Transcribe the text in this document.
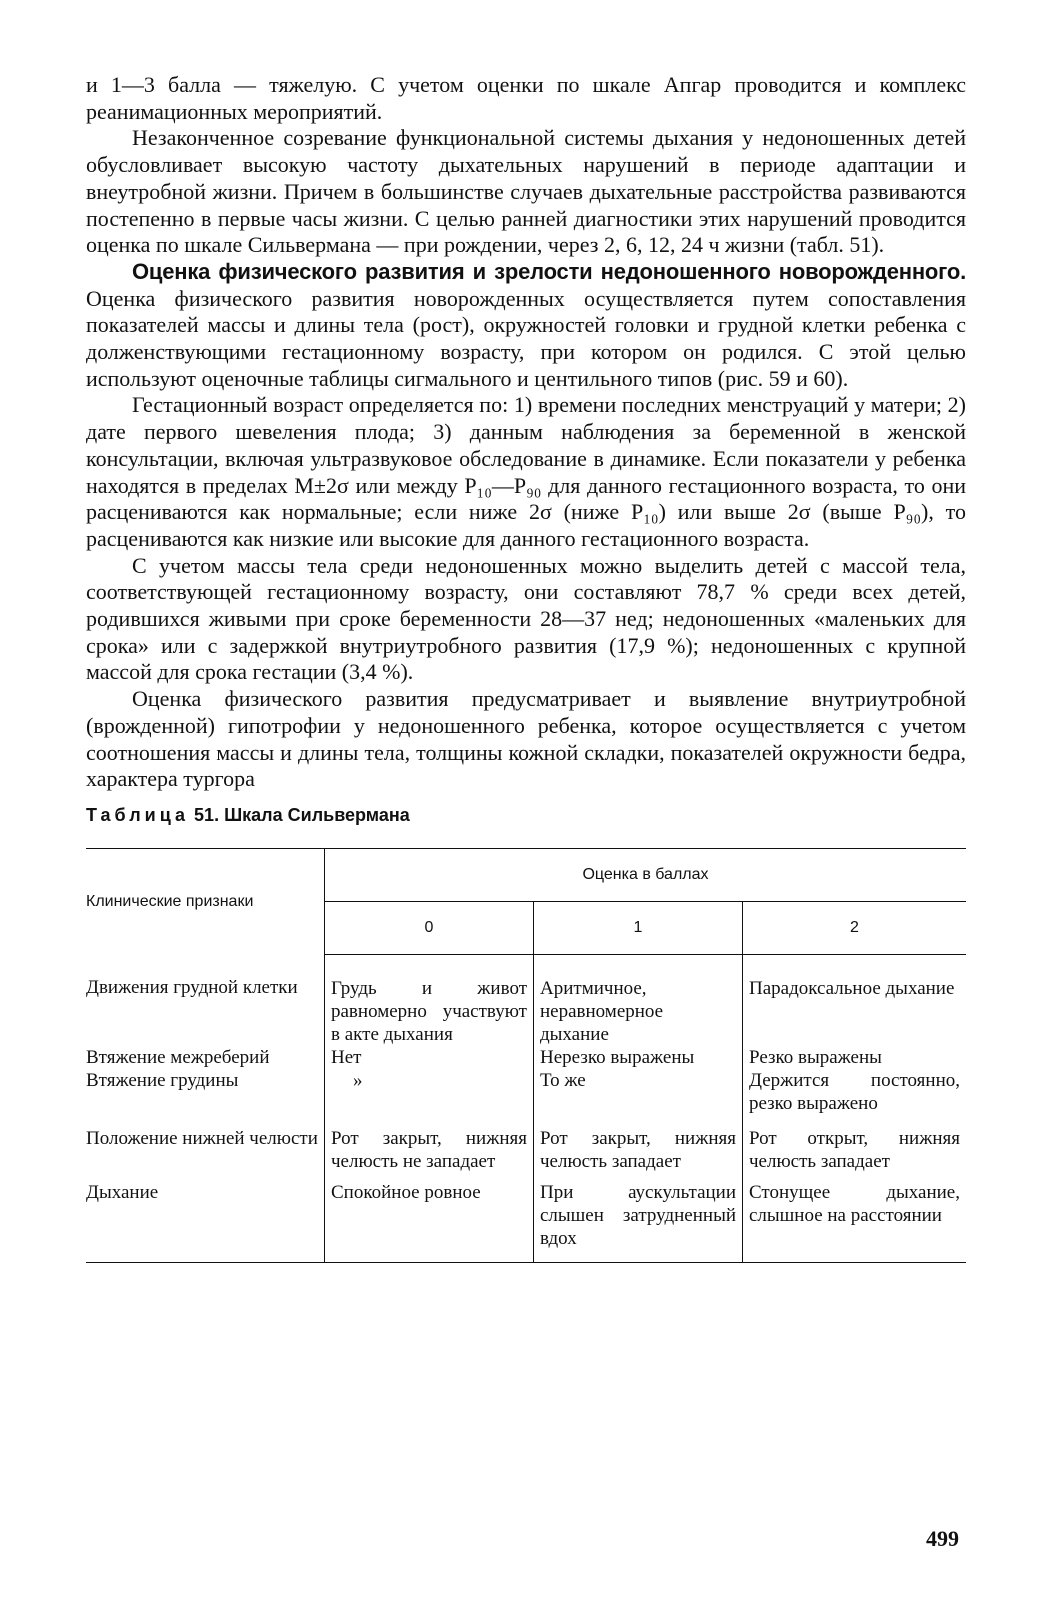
и 1—3 балла — тяжелую. С учетом оценки по шкале Апгар проводится и комплекс реанимационных мероприятий.

Незаконченное созревание функциональной системы дыхания у недоношенных детей обусловливает высокую частоту дыхательных нарушений в периоде адаптации и внеутробной жизни. Причем в большинстве случаев дыхательные расстройства развиваются постепенно в первые часы жизни. С целью ранней диагностики этих нарушений проводится оценка по шкале Сильвермана — при рождении, через 2, 6, 12, 24 ч жизни (табл. 51).

Оценка физического развития и зрелости недоношенного новорожденного. Оценка физического развития новорожденных осуществляется путем сопоставления показателей массы и длины тела (рост), окружностей головки и грудной клетки ребенка с долженствующими гестационному возрасту, при котором он родился. С этой целью используют оценочные таблицы сигмального и центильного типов (рис. 59 и 60).

Гестационный возраст определяется по: 1) времени последних менструаций у матери; 2) дате первого шевеления плода; 3) данным наблюдения за беременной в женской консультации, включая ультразвуковое обследование в динамике. Если показатели у ребенка находятся в пределах M±2σ или между P₁₀—P₉₀ для данного гестационного возраста, то они расцениваются как нормальные; если ниже 2σ (ниже P₁₀) или выше 2σ (выше P₉₀), то расцениваются как низкие или высокие для данного гестационного возраста.

С учетом массы тела среди недоношенных можно выделить детей с массой тела, соответствующей гестационному возрасту, они составляют 78,7 % среди всех детей, родившихся живыми при сроке беременности 28—37 нед; недоношенных «маленьких для срока» или с задержкой внутриутробного развития (17,9 %); недоношенных с крупной массой для срока гестации (3,4 %).

Оценка физического развития предусматривает и выявление внутриутробной (врожденной) гипотрофии у недоношенного ребенка, которое осуществляется с учетом соотношения массы и длины тела, толщины кожной складки, показателей окружности бедра, характера тургора

Таблица 51. Шкала Сильвермана

Клинические признаки	Оценка в баллах		
	0	1	2
Движения грудной клетки	Грудь и живот равномерно участвуют в акте дыхания	Аритмичное, неравномерное дыхание	Парадоксальное дыхание
Втяжение межреберий	Нет	Нерезко выражены	Резко выражены
Втяжение грудины	»	То же	Держится постоянно, резко выражено
Положение нижней челюсти	Рот закрыт, нижняя челюсть не западает	Рот закрыт, нижняя челюсть западает	Рот открыт, нижняя челюсть западает
Дыхание	Спокойное ровное	При аускультации слышен затрудненный вдох	Стонущее дыхание, слышное на расстоянии
499
